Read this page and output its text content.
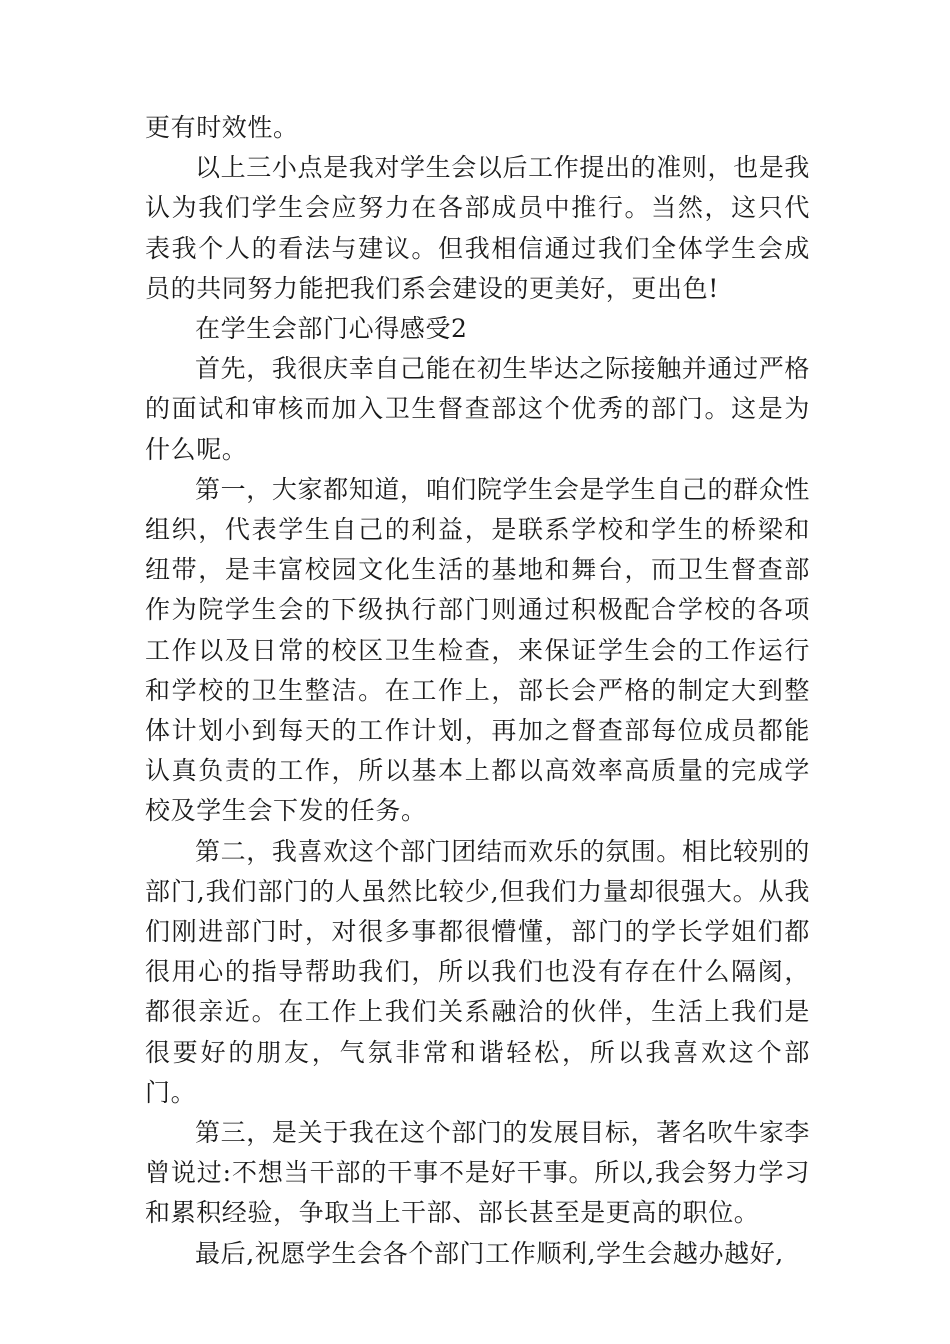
更有时效性。

以上三小点是我对学生会以后工作提出的准则，也是我认为我们学生会应努力在各部成员中推行。当然，这只代表我个人的看法与建议。但我相信通过我们全体学生会成员的共同努力能把我们系会建设的更美好，更出色!

在学生会部门心得感受2

首先，我很庆幸自己能在初生毕达之际接触并通过严格的面试和审核而加入卫生督查部这个优秀的部门。这是为什么呢。

第一，大家都知道，咱们院学生会是学生自己的群众性组织，代表学生自己的利益，是联系学校和学生的桥梁和纽带，是丰富校园文化生活的基地和舞台，而卫生督查部作为院学生会的下级执行部门则通过积极配合学校的各项工作以及日常的校区卫生检查，来保证学生会的工作运行和学校的卫生整洁。在工作上，部长会严格的制定大到整体计划小到每天的工作计划，再加之督查部每位成员都能认真负责的工作，所以基本上都以高效率高质量的完成学校及学生会下发的任务。

第二，我喜欢这个部门团结而欢乐的氛围。相比较别的部门,我们部门的人虽然比较少,但我们力量却很强大。从我们刚进部门时，对很多事都很懵懂，部门的学长学姐们都很用心的指导帮助我们，所以我们也没有存在什么隔阂，都很亲近。在工作上我们关系融洽的伙伴，生活上我们是很要好的朋友，气氛非常和谐轻松，所以我喜欢这个部门。

第三，是关于我在这个部门的发展目标，著名吹牛家李曾说过:不想当干部的干事不是好干事。所以,我会努力学习和累积经验，争取当上干部、部长甚至是更高的职位。

最后,祝愿学生会各个部门工作顺利,学生会越办越好,
